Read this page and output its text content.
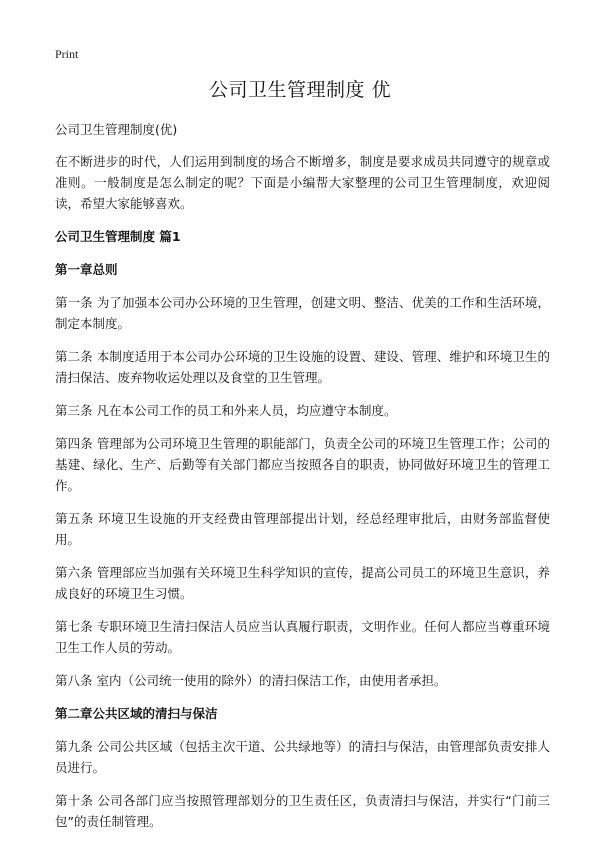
Print
公司卫生管理制度 优
公司卫生管理制度(优)

在不断进步的时代，人们运用到制度的场合不断增多，制度是要求成员共同遵守的规章或准则。一般制度是怎么制定的呢？下面是小编帮大家整理的公司卫生管理制度，欢迎阅读，希望大家能够喜欢。

公司卫生管理制度 篇1
第一章总则

第一条 为了加强本公司办公环境的卫生管理，创建文明、整洁、优美的工作和生活环境，制定本制度。

第二条 本制度适用于本公司办公环境的卫生设施的设置、建设、管理、维护和环境卫生的清扫保洁、废弃物收运处理以及食堂的卫生管理。

第三条 凡在本公司工作的员工和外来人员，均应遵守本制度。

第四条 管理部为公司环境卫生管理的职能部门，负责全公司的环境卫生管理工作；公司的基建、绿化、生产、后勤等有关部门都应当按照各自的职责，协同做好环境卫生的管理工作。

第五条 环境卫生设施的开支经费由管理部提出计划，经总经理审批后，由财务部监督使用。

第六条 管理部应当加强有关环境卫生科学知识的宣传，提高公司员工的环境卫生意识，养成良好的环境卫生习惯。

第七条 专职环境卫生清扫保洁人员应当认真履行职责，文明作业。任何人都应当尊重环境卫生工作人员的劳动。

第八条 室内（公司统一使用的除外）的清扫保洁工作，由使用者承担。

第二章公共区域的清扫与保洁

第九条 公司公共区域（包括主次干道、公共绿地等）的清扫与保洁，由管理部负责安排人员进行。

第十条 公司各部门应当按照管理部划分的卫生责任区，负责清扫与保洁，并实行“门前三包”的责任制管理。
